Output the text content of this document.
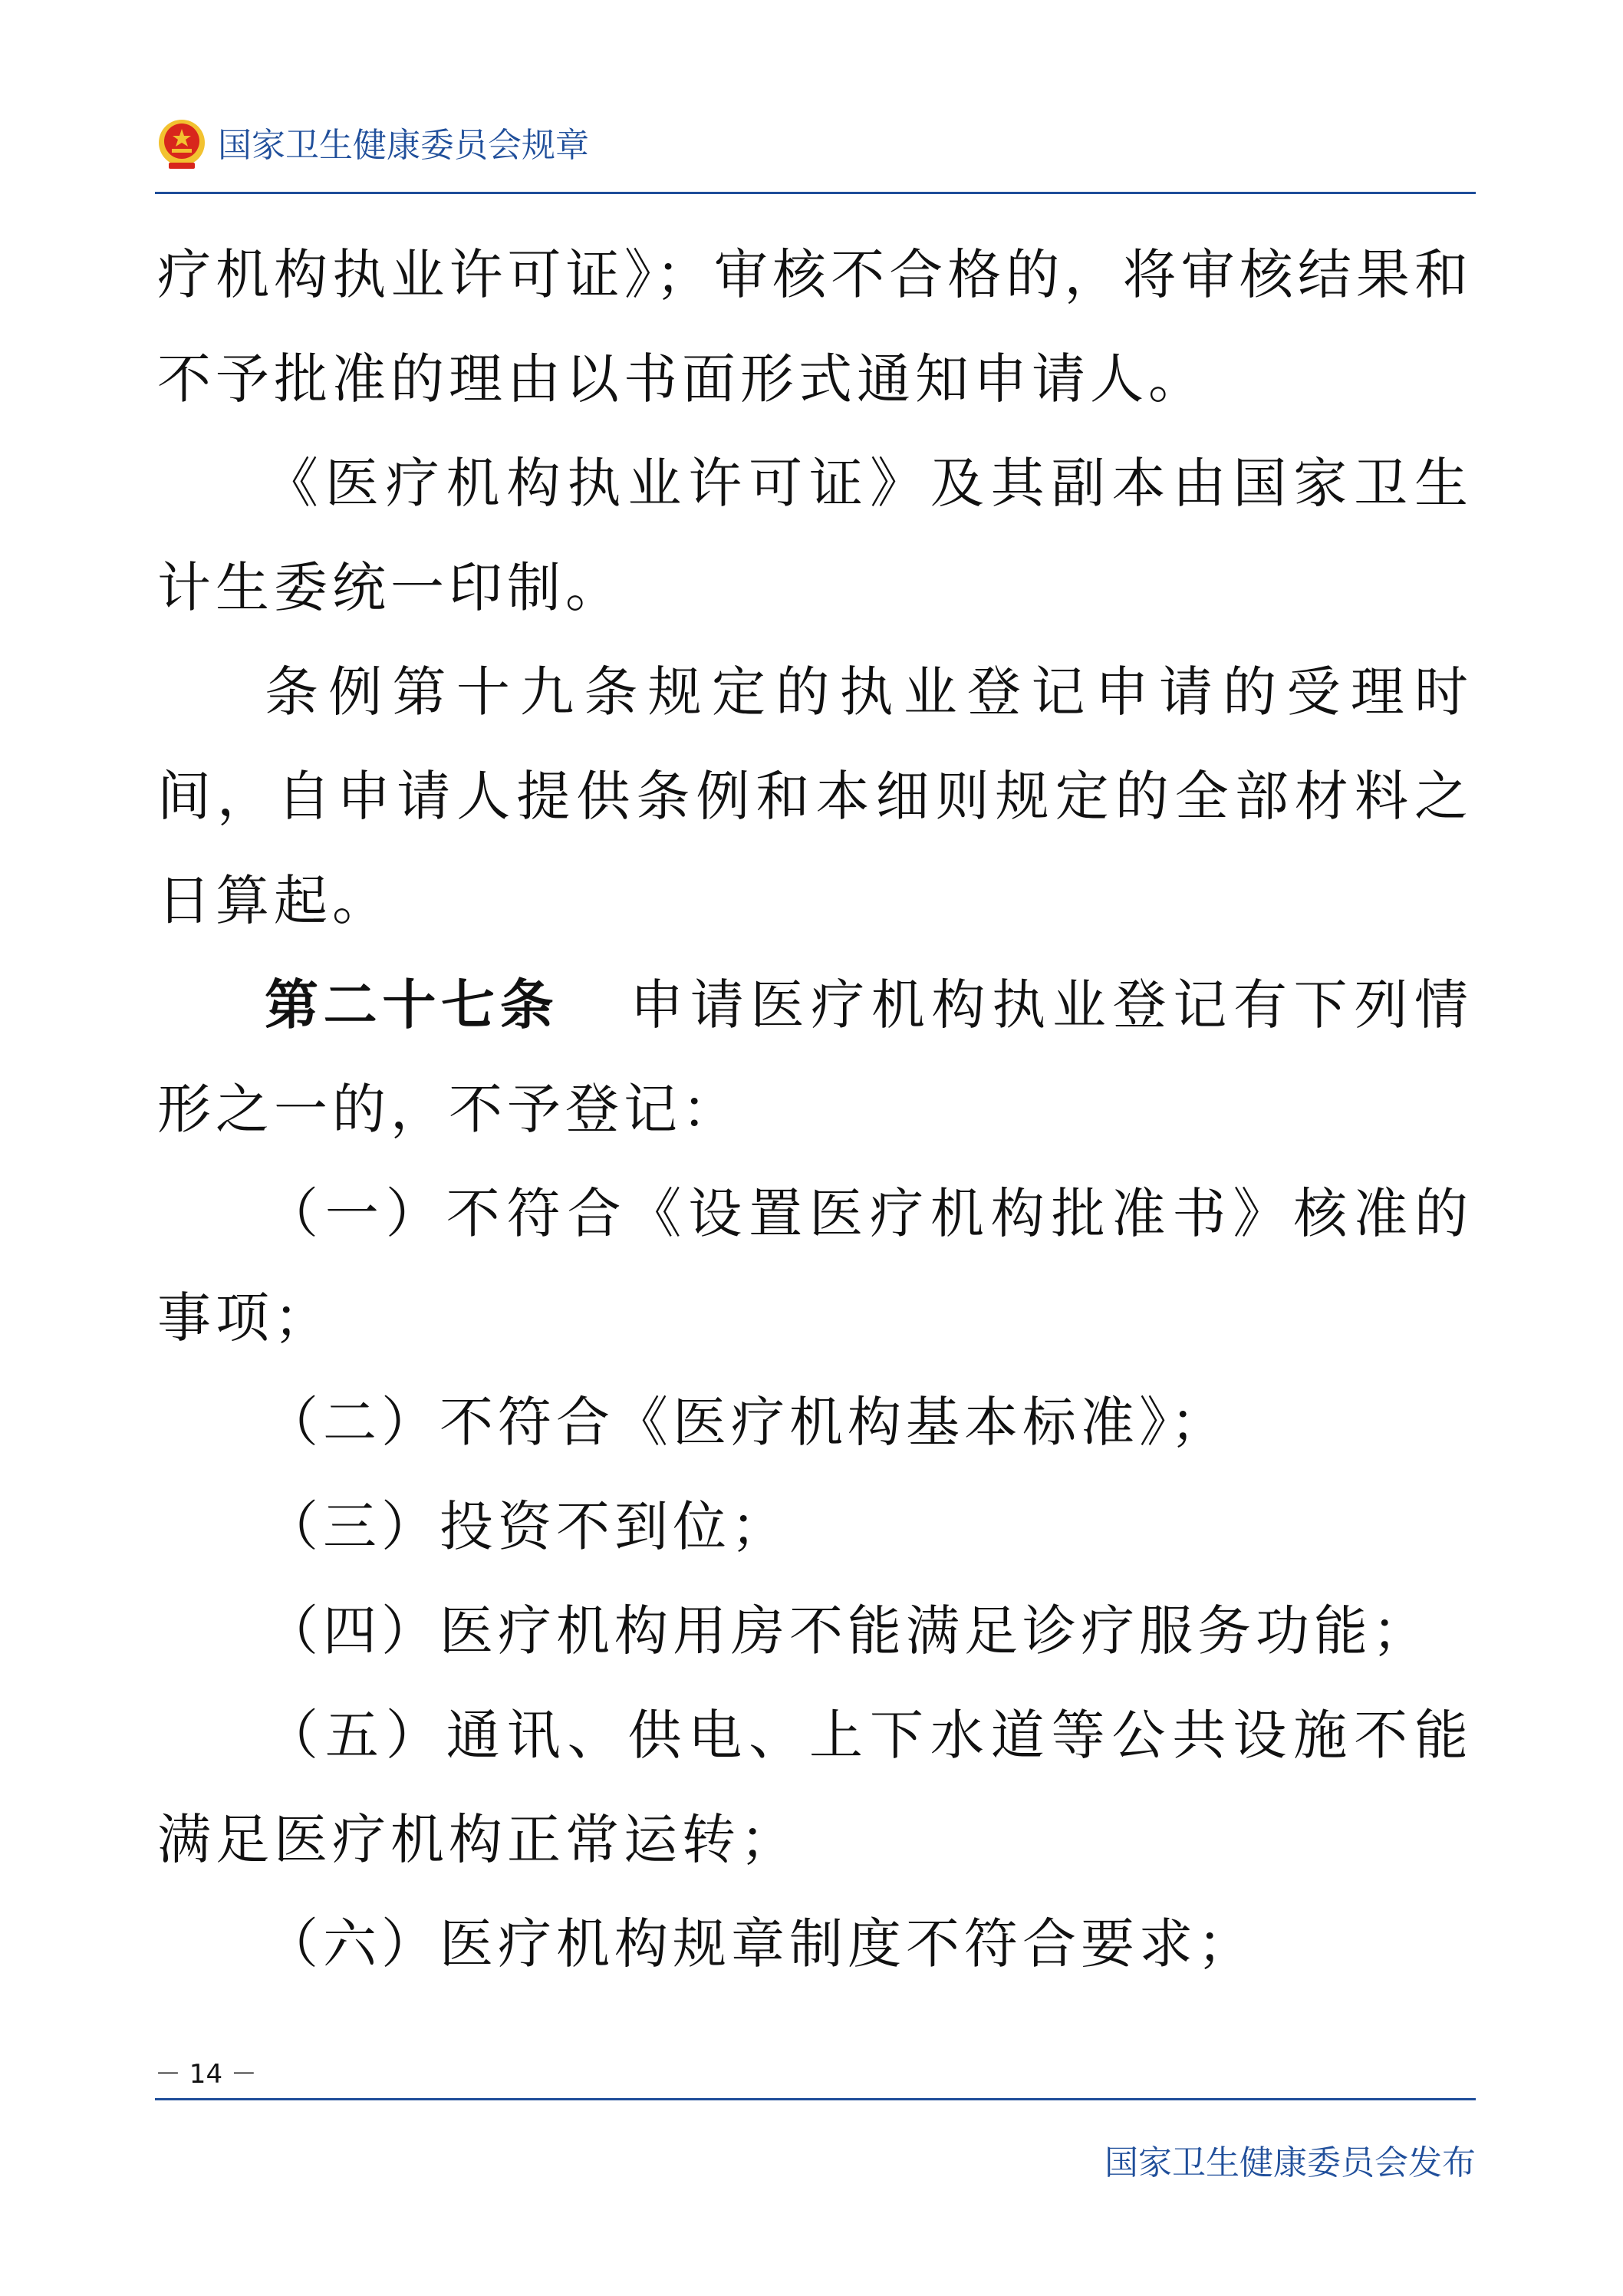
国家卫生健康委员会规章

疗机构执业许可证》；审核不合格的，将审核结果和不予批准的理由以书面形式通知申请人。

《医疗机构执业许可证》及其副本由国家卫生计生委统一印制。

条例第十九条规定的执业登记申请的受理时间，自申请人提供条例和本细则规定的全部材料之日算起。

第二十七条 申请医疗机构执业登记有下列情形之一的，不予登记：

（一）不符合《设置医疗机构批准书》核准的事项；

（二）不符合《医疗机构基本标准》；

（三）投资不到位；

（四）医疗机构用房不能满足诊疗服务功能；

（五）通讯、供电、上下水道等公共设施不能满足医疗机构正常运转；

（六）医疗机构规章制度不符合要求；

－ 14 －
国家卫生健康委员会发布
